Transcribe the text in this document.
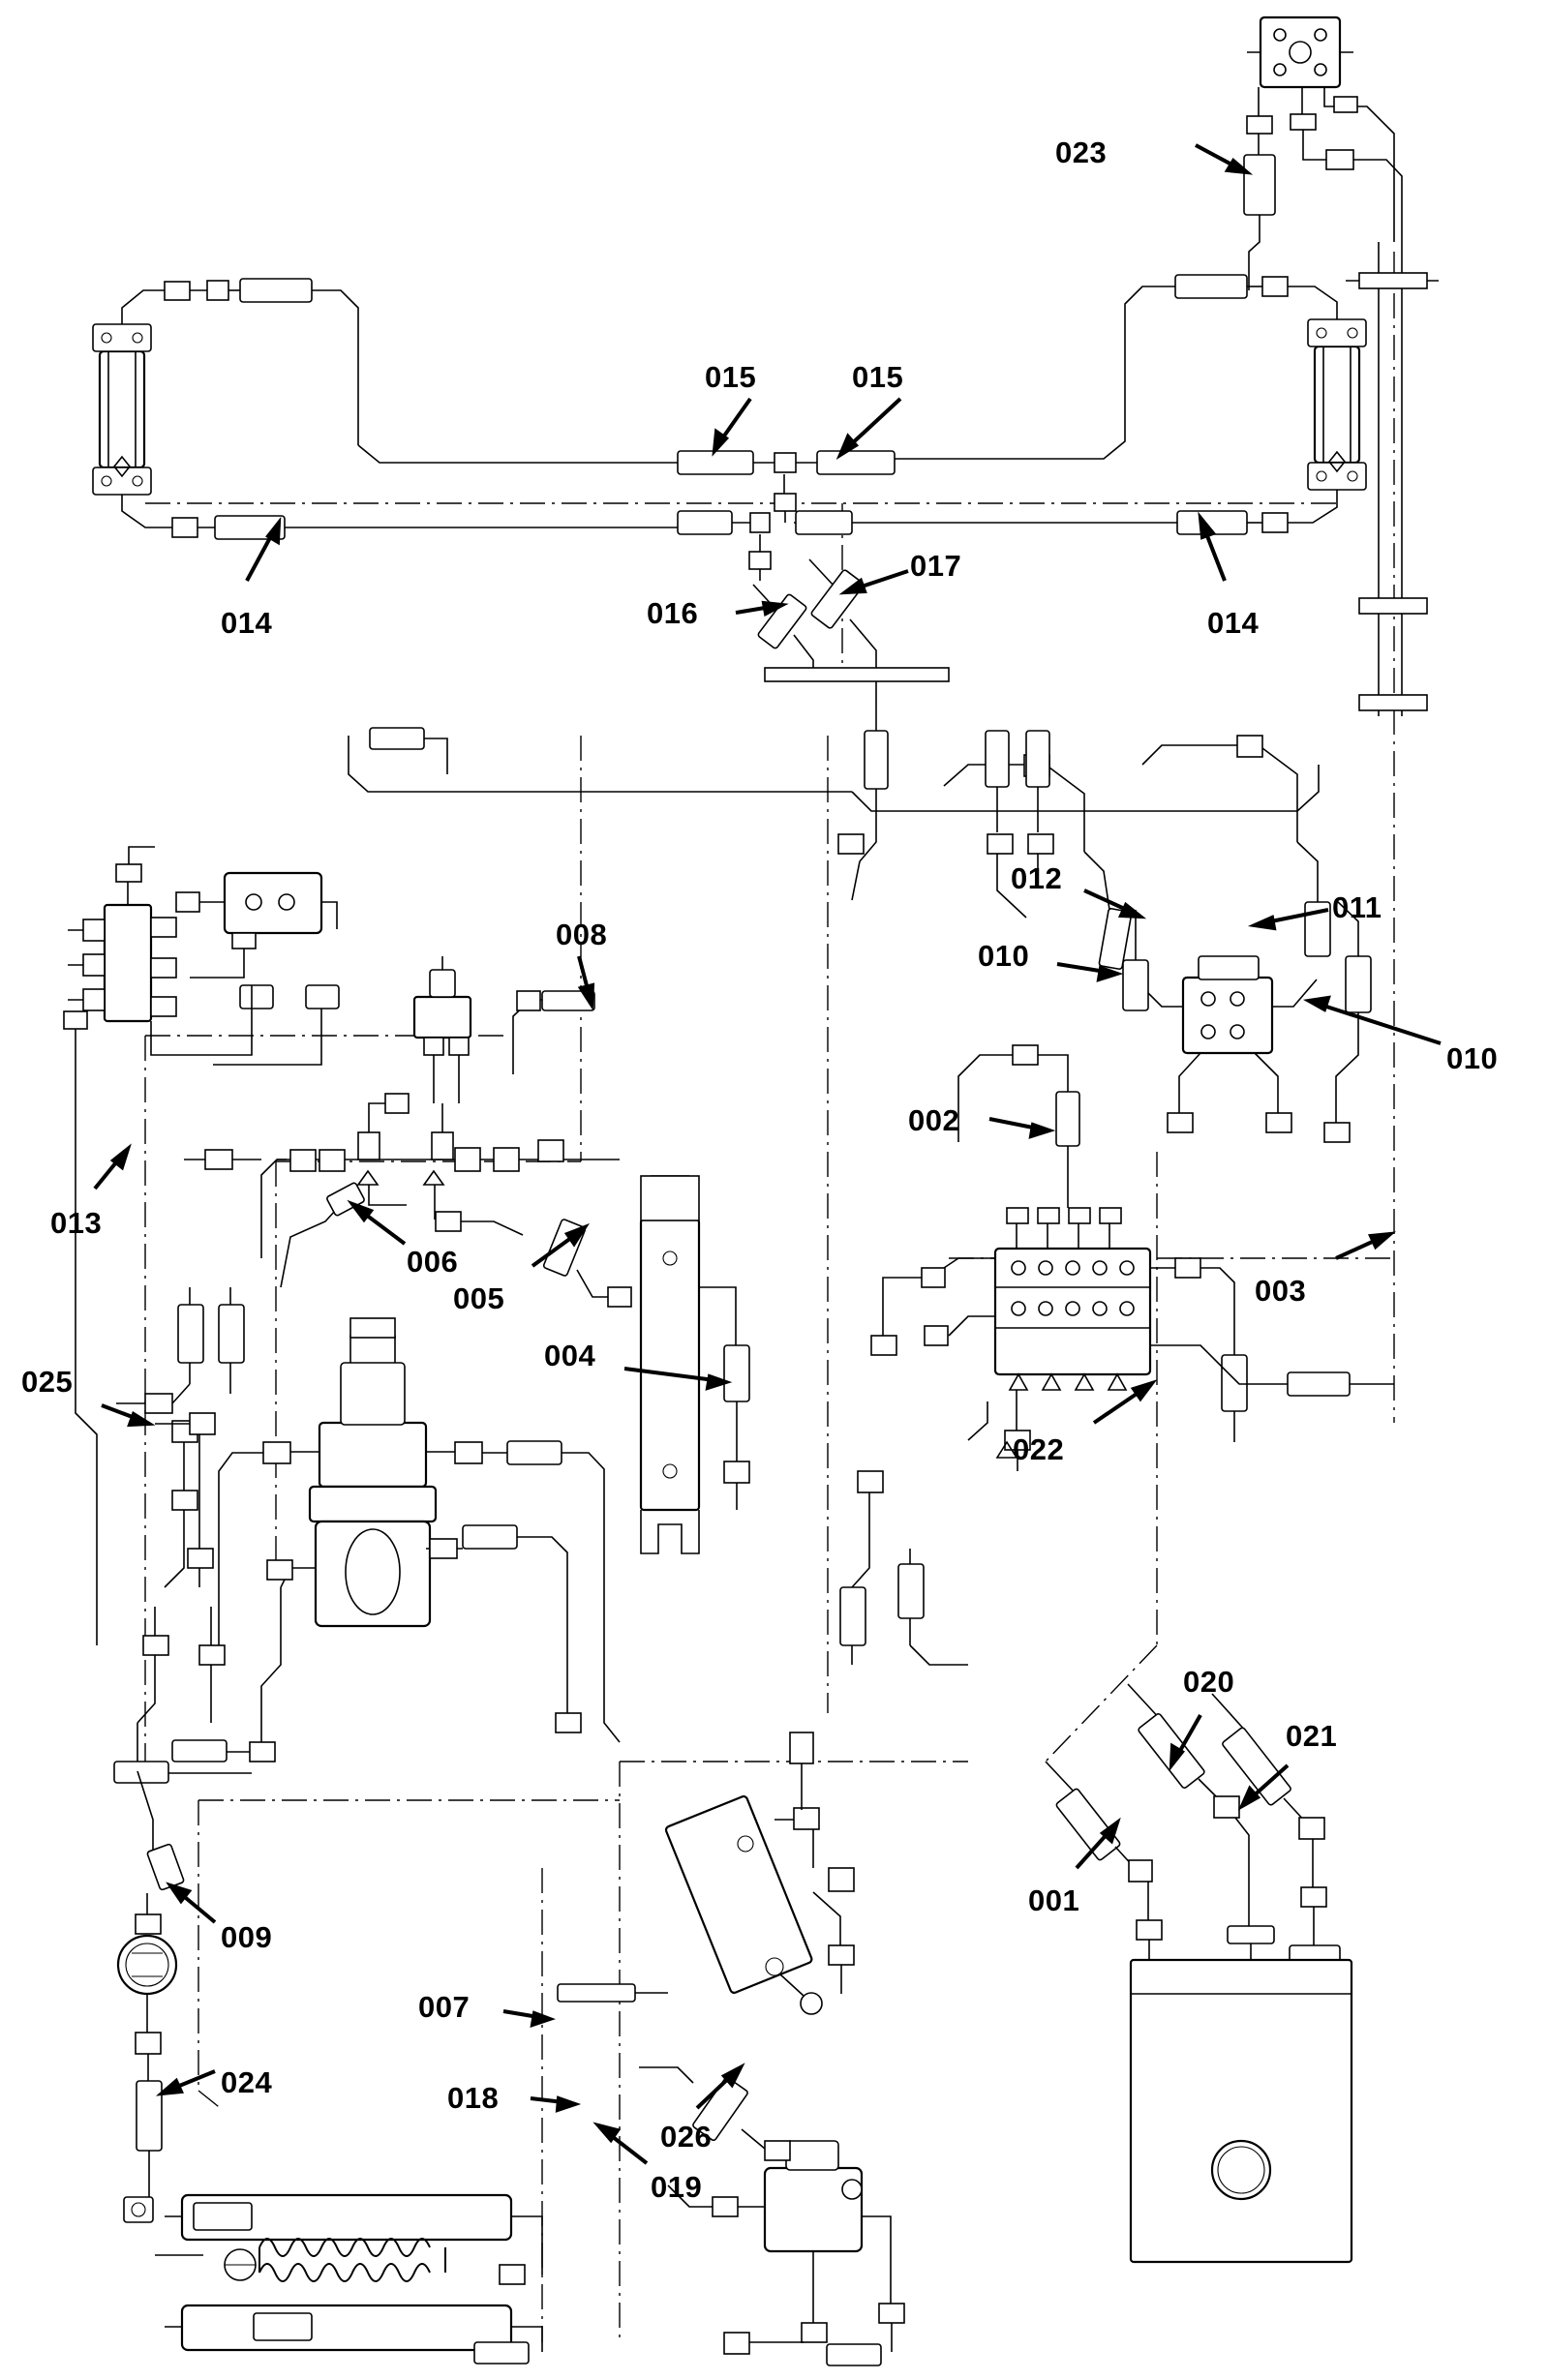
023
015	015
017
016
014	014
012
011
010
010
008
002
013
003
006
005
004
025
022
020
021
001
009
007
024	018
026
019
